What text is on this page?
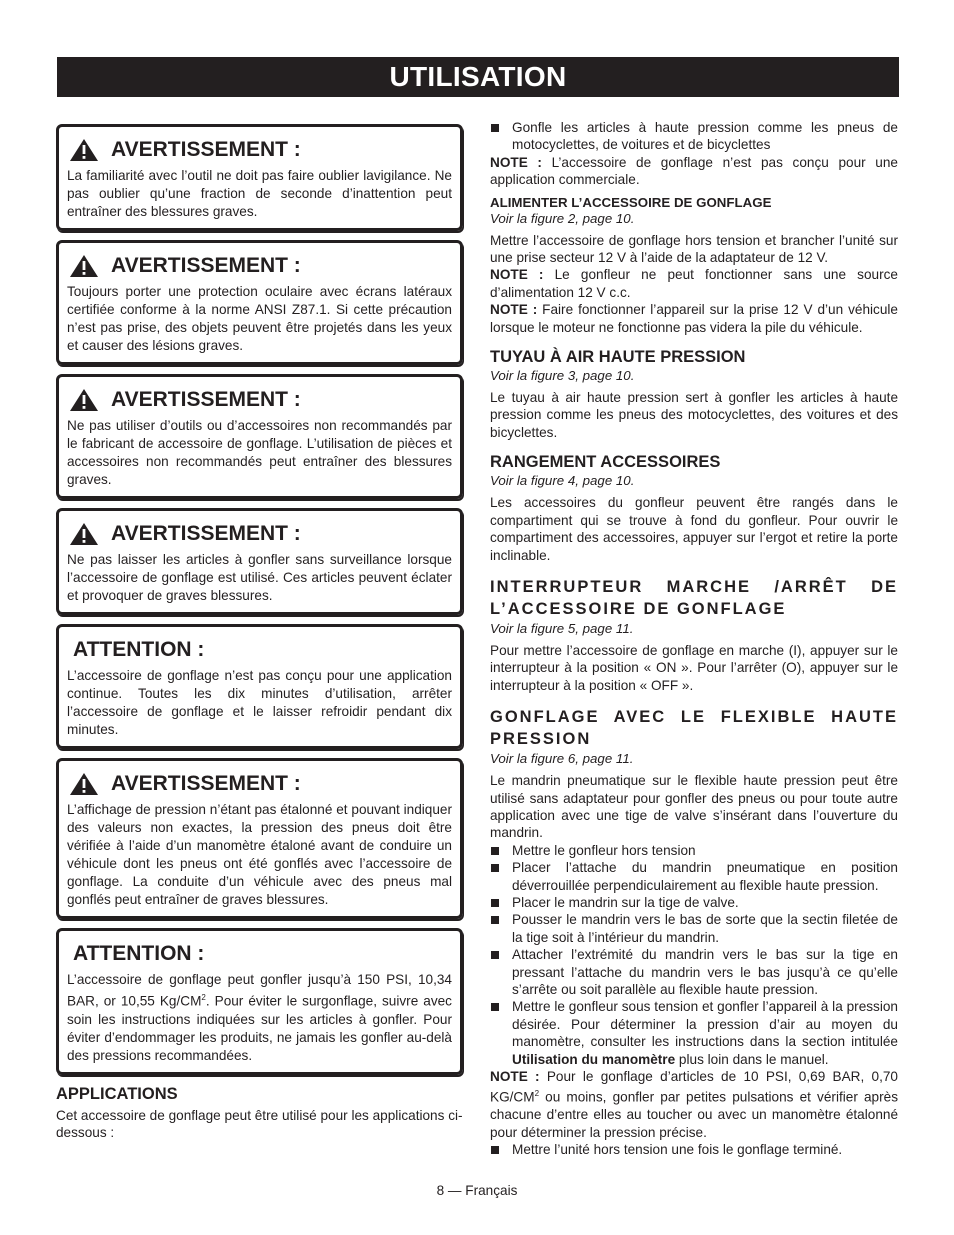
UTILISATION
AVERTISSEMENT :

La familiarité avec l’outil ne doit pas faire oublier lavigilance. Ne pas oublier qu’une fraction de seconde d’inattention peut entraîner des blessures graves.

AVERTISSEMENT :

Toujours porter une protection oculaire avec écrans latéraux certifiée conforme à la norme ANSI Z87.1. Si cette précaution n’est pas prise, des objets peuvent être projetés dans les yeux et causer des lésions graves.

AVERTISSEMENT :

Ne pas utiliser d’outils ou d’accessoires non recommandés par le fabricant de accessoire de gonflage. L’utilisation de pièces et accessoires non recommandés peut entraîner des blessures graves.

AVERTISSEMENT :

Ne pas laisser les articles à gonfler sans surveillance lorsque l’accessoire de gonflage est utilisé. Ces articles peuvent éclater et provoquer de graves blessures.

ATTENTION :

L’accessoire de gonflage n’est pas conçu pour une application continue. Toutes les dix minutes d’utilisation, arrêter l’accessoire de gonflage et le laisser refroidir pendant dix minutes.

AVERTISSEMENT :

L’affichage de pression n’étant pas étalonné et pouvant indiquer des valeurs non exactes, la pression des pneus doit être vérifiée à l’aide d’un manomètre étaloné avant de conduire un véhicule dont les pneus ont été gonflés avec l’accessoire de gonflage. La conduite d’un véhicule avec des pneus mal gonflés peut entraîner de graves blessures.

ATTENTION :

L’accessoire de gonflage peut gonfler jusqu’à 150 PSI, 10,34 BAR, or 10,55 $Kg/CM^2$. Pour éviter le surgonflage, suivre avec soin les instructions indiquées sur les articles à gonfler. Pour éviter d’endommager les produits, ne jamais les gonfler au-delà des pressions recommandées.

APPLICATIONS

Cet accessoire de gonflage peut être utilisé pour les applications ci-dessous :

Gonfle les articles à haute pression comme les pneus de motocyclettes, de voitures et de bicyclettes

NOTE : L’accessoire de gonflage n’est pas conçu pour une application commerciale.

ALIMENTER L’ACCESSOIRE DE GONFLAGE

Voir la figure 2, page 10.

Mettre l’accessoire de gonflage hors tension et brancher l’unité sur une prise secteur 12 V à l’aide de la adaptateur de 12 V.

NOTE : Le gonfleur ne peut fonctionner sans une source d’alimentation 12 V c.c.

NOTE : Faire fonctionner l’appareil sur la prise 12 V d’un véhicule lorsque le moteur ne fonctionne pas videra la pile du véhicule.

TUYAU À AIR HAUTE PRESSION

Voir la figure 3, page 10.

Le tuyau à air haute pression sert à gonfler les articles à haute pression comme les pneus des motocyclettes, des voitures et des bicyclettes.

RANGEMENT ACCESSOIRES

Voir la figure 4, page 10.

Les accessoires du gonfleur peuvent être rangés dans le compartiment qui se trouve à fond du gonfleur. Pour ouvrir le compartiment des accessoires, appuyer sur l’ergot et retire la porte inclinable.

INTERRUPTEUR MARCHE /ARRÊT DE L’ACCESSOIRE DE GONFLAGE

Voir la figure 5, page 11.

Pour mettre l’accessoire de gonflage en marche (I), appuyer sur le interrupteur à la position « ON ». Pour l’arrêter (O), appuyer sur le interrupteur à la position « OFF ».

GONFLAGE AVEC LE FLEXIBLE HAUTE PRESSION

Voir la figure 6, page 11.

Le mandrin pneumatique sur le flexible haute pression peut être utilisé sans adaptateur pour gonfler des pneus ou pour toute autre application avec une tige de valve s’insérant dans l’ouverture du mandrin.

Mettre le gonfleur hors tension
Placer l’attache du mandrin pneumatique en position déverrouillée perpendiculairement au flexible haute pression.
Placer le mandrin sur la tige de valve.
Pousser le mandrin vers le bas de sorte que la sectin filetée de la tige soit à l’intérieur du mandrin.
Attacher l’extrémité du mandrin vers le bas sur la tige en pressant l’attache du mandrin vers le bas jusqu’à ce qu’elle s’arrête ou soit parallèle au flexible haute pression.
Mettre le gonfleur sous tension et gonfler l’appareil à la pression désirée. Pour déterminer la pression d’air au moyen du manomètre, consulter les instructions dans la section intitulée Utilisation du manomètre plus loin dans le manuel.

NOTE : Pour le gonflage d’articles de 10 PSI, 0,69 BAR, 0,70 $KG/CM^2$ ou moins, gonfler par petites pulsations et vérifier après chacune d’entre elles au toucher ou avec un manomètre étalonné pour déterminer la pression précise.

Mettre l’unité hors tension une fois le gonflage terminé.
8 — Français
